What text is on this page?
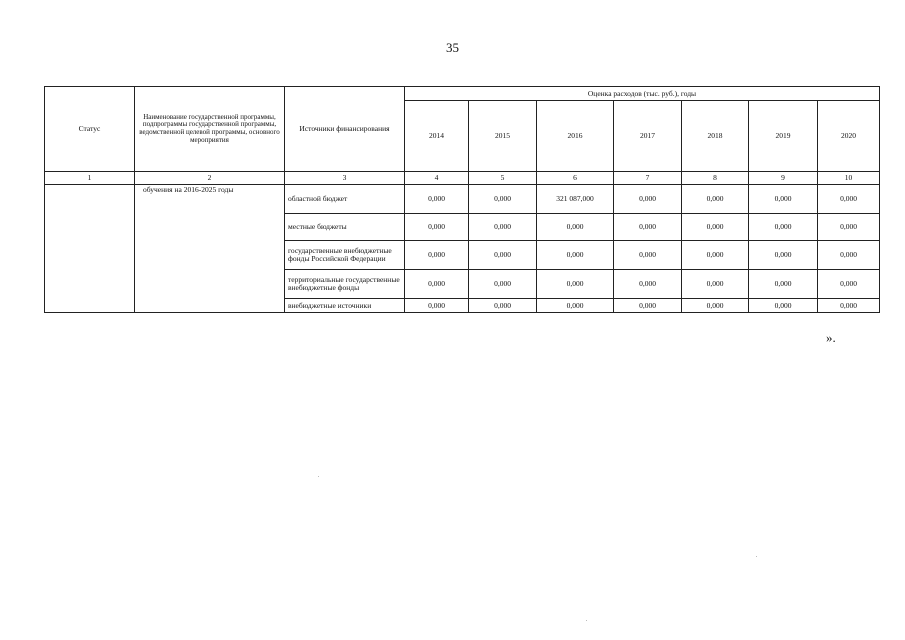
35
Статус	Наименование государственной программы, подпрограммы государственной программы, ведомственной целевой программы, основного мероприятия	Источники финансирования	Оценка расходов (тыс. руб.), годы						
			2014	2015	2016	2017	2018	2019	2020
1	2	3	4	5	6	7	8	9	10
	обучения на 2016-2025 годы	областной бюджет	0,000	0,000	321 087,000	0,000	0,000	0,000	0,000
		местные бюджеты	0,000	0,000	0,000	0,000	0,000	0,000	0,000
		государственные внебюджетные фонды Российской Федерации	0,000	0,000	0,000	0,000	0,000	0,000	0,000
		территориальные государственные внебюджетные фонды	0,000	0,000	0,000	0,000	0,000	0,000	0,000
		внебюджетные источники	0,000	0,000	0,000	0,000	0,000	0,000	0,000
».
